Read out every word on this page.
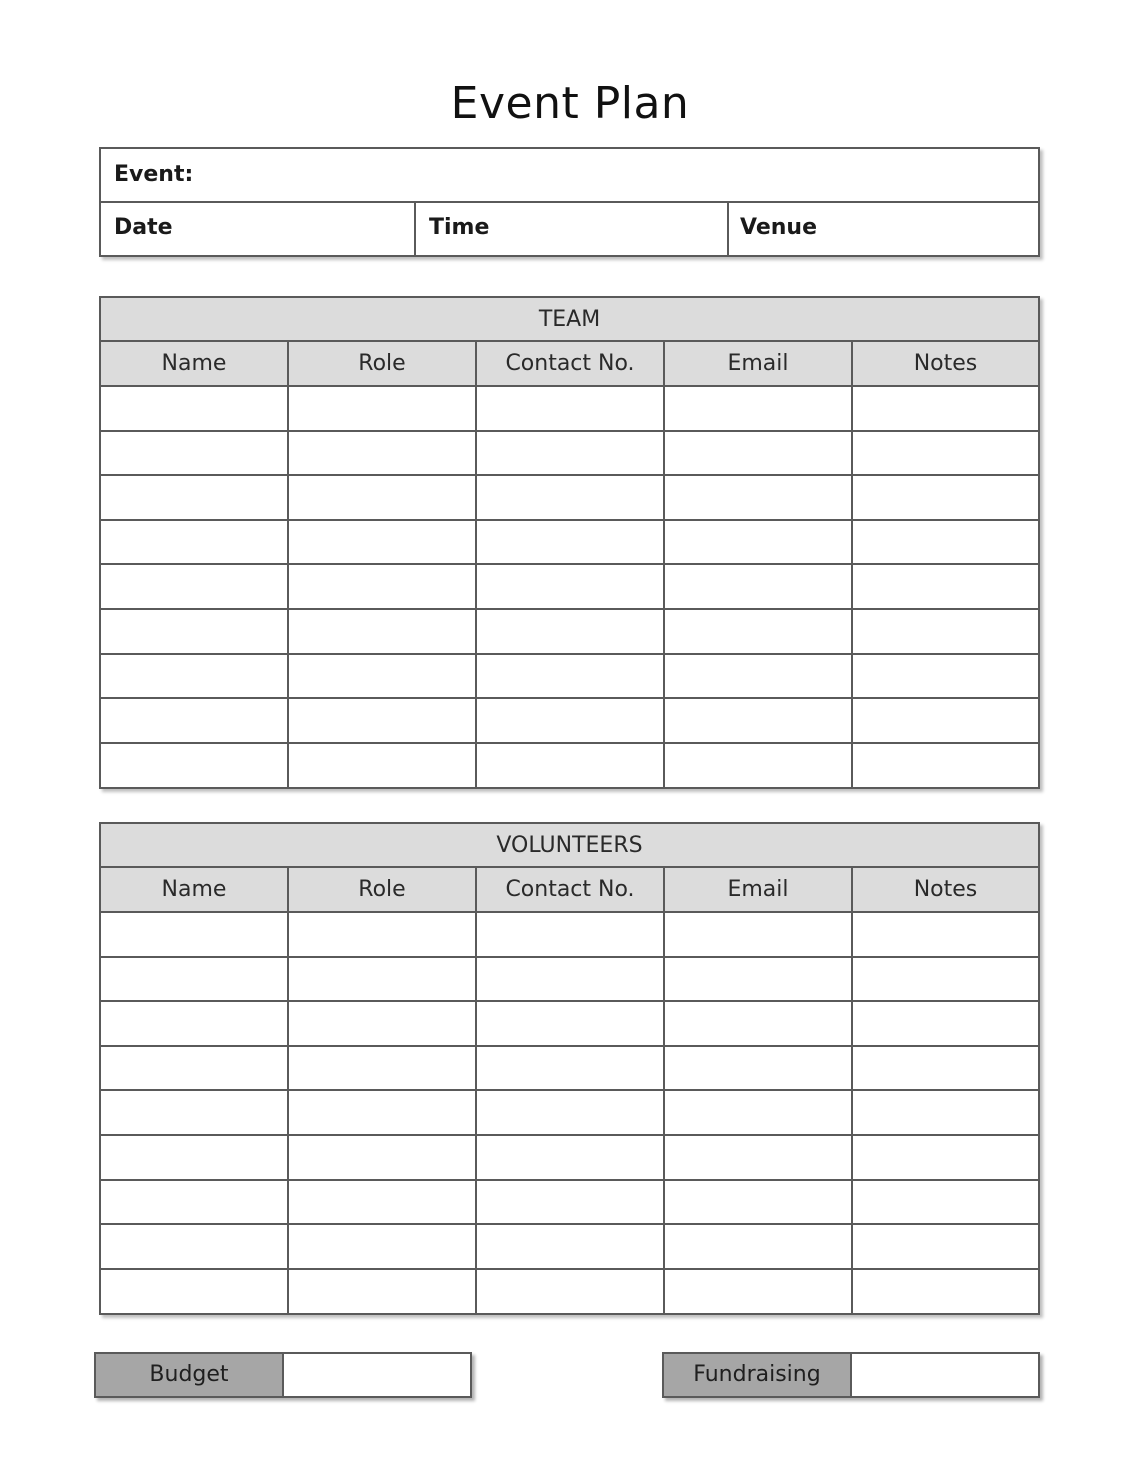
Event Plan
Event:
Date	Time	Venue
TEAM
Name	Role	Contact No.	Email	Notes
VOLUNTEERS
Name	Role	Contact No.	Email	Notes
Budget	Fundraising
